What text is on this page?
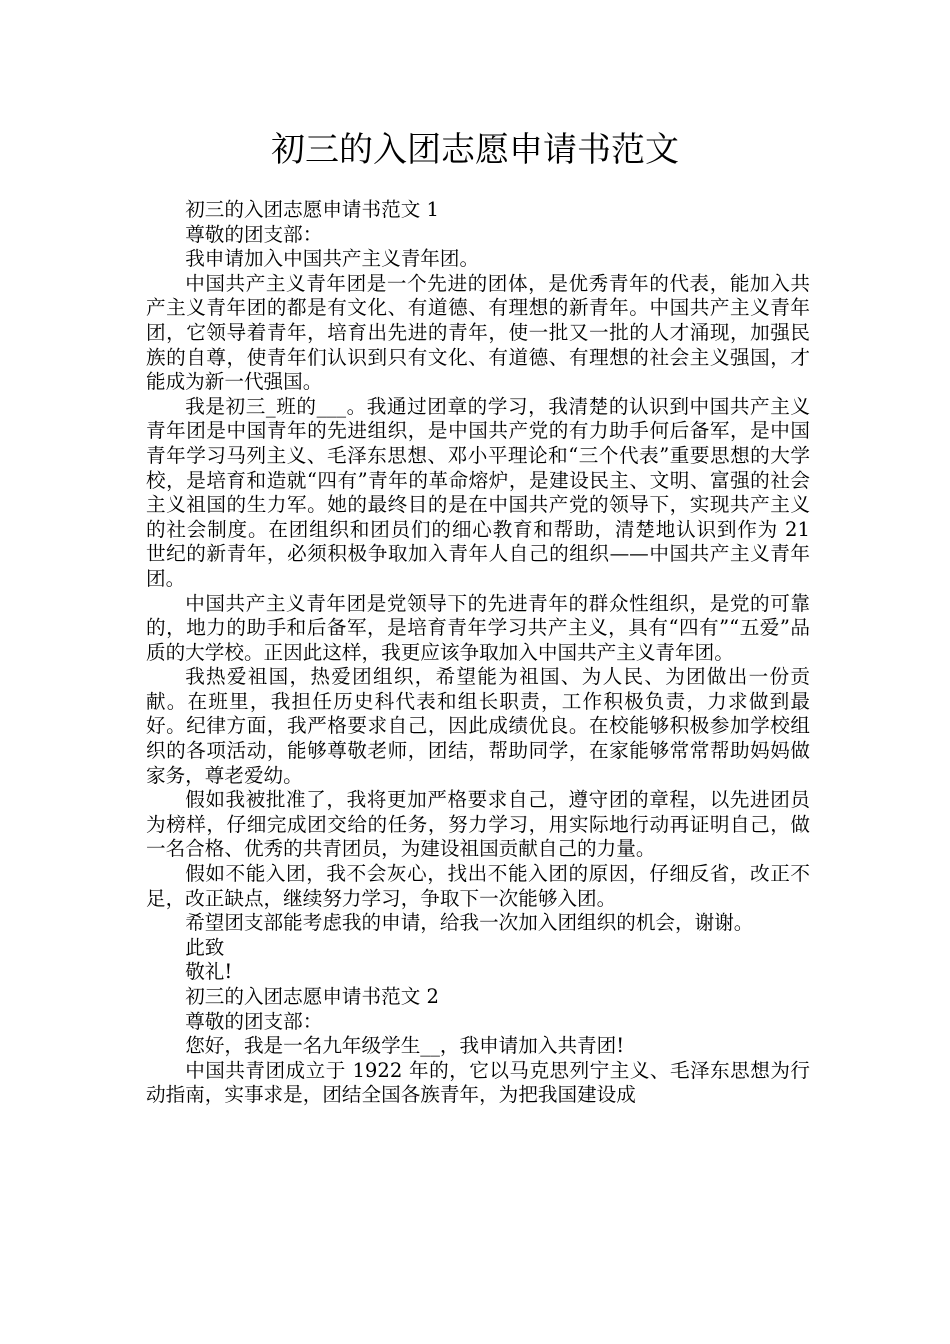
初三的入团志愿申请书范文

初三的入团志愿申请书范文 1

尊敬的团支部：

我申请加入中国共产主义青年团。

中国共产主义青年团是一个先进的团体，是优秀青年的代表，能加入共产主义青年团的都是有文化、有道德、有理想的新青年。中国共产主义青年团，它领导着青年，培育出先进的青年，使一批又一批的人才涌现，加强民族的自尊，使青年们认识到只有文化、有道德、有理想的社会主义强国，才能成为新一代强国。

我是初三_班的___。我通过团章的学习，我清楚的认识到中国共产主义青年团是中国青年的先进组织，是中国共产党的有力助手何后备军，是中国青年学习马列主义、毛泽东思想、邓小平理论和“三个代表”重要思想的大学校，是培育和造就“四有”青年的革命熔炉，是建设民主、文明、富强的社会主义祖国的生力军。她的最终目的是在中国共产党的领导下，实现共产主义的社会制度。在团组织和团员们的细心教育和帮助，清楚地认识到作为 21 世纪的新青年，必须积极争取加入青年人自己的组织——中国共产主义青年团。

中国共产主义青年团是党领导下的先进青年的群众性组织，是党的可靠的，地力的助手和后备军，是培育青年学习共产主义，具有“四有”“五爱”品质的大学校。正因此这样，我更应该争取加入中国共产主义青年团。

我热爱祖国，热爱团组织，希望能为祖国、为人民、为团做出一份贡献。在班里，我担任历史科代表和组长职责，工作积极负责，力求做到最好。纪律方面，我严格要求自己，因此成绩优良。在校能够积极参加学校组织的各项活动，能够尊敬老师，团结，帮助同学，在家能够常常帮助妈妈做家务，尊老爱幼。

假如我被批准了，我将更加严格要求自己，遵守团的章程，以先进团员为榜样，仔细完成团交给的任务，努力学习，用实际地行动再证明自己，做一名合格、优秀的共青团员，为建设祖国贡献自己的力量。

假如不能入团，我不会灰心，找出不能入团的原因，仔细反省，改正不足，改正缺点，继续努力学习，争取下一次能够入团。

希望团支部能考虑我的申请，给我一次加入团组织的机会，谢谢。

此致

敬礼!

初三的入团志愿申请书范文 2

尊敬的团支部：

您好，我是一名九年级学生__，我申请加入共青团!

中国共青团成立于 1922 年的，它以马克思列宁主义、毛泽东思想为行动指南，实事求是，团结全国各族青年，为把我国建设成
